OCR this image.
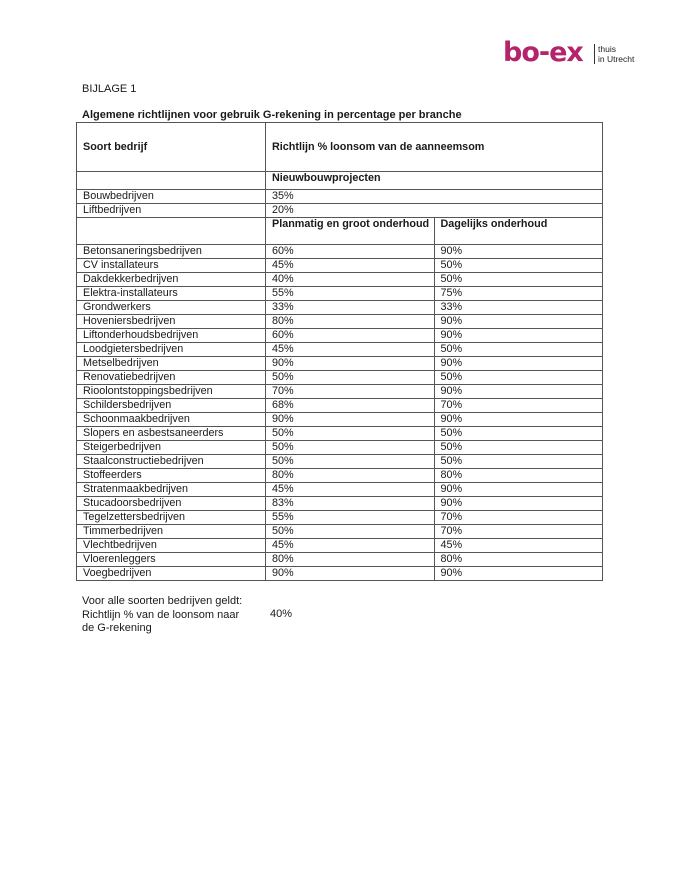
bo-ex thuis
in Utrecht
BIJLAGE 1
Algemene richtlijnen voor gebruik G-rekening in percentage per branche
Soort bedrijf	Richtlijn % loonsom van de aanneemsom	
	Nieuwbouwprojecten	
Bouwbedrijven	35%	
Liftbedrijven	20%	
	Planmatig en groot onderhoud	Dagelijks onderhoud
Betonsaneringsbedrijven	60%	90%
CV installateurs	45%	50%
Dakdekkerbedrijven	40%	50%
Elektra-installateurs	55%	75%
Grondwerkers	33%	33%
Hoveniersbedrijven	80%	90%
Liftonderhoudsbedrijven	60%	90%
Loodgietersbedrijven	45%	50%
Metselbedrijven	90%	90%
Renovatiebedrijven	50%	50%
Rioolontstoppingsbedrijven	70%	90%
Schildersbedrijven	68%	70%
Schoonmaakbedrijven	90%	90%
Slopers en asbestsaneerders	50%	50%
Steigerbedrijven	50%	50%
Staalconstructiebedrijven	50%	50%
Stoffeerders	80%	80%
Stratenmaakbedrijven	45%	90%
Stucadoorsbedrijven	83%	90%
Tegelzettersbedrijven	55%	70%
Timmerbedrijven	50%	70%
Vlechtbedrijven	45%	45%
Vloerenleggers	80%	80%
Voegbedrijven	90%	90%
Voor alle soorten bedrijven geldt:
Richtlijn % van de loonsom naar
de G-rekening
40%
